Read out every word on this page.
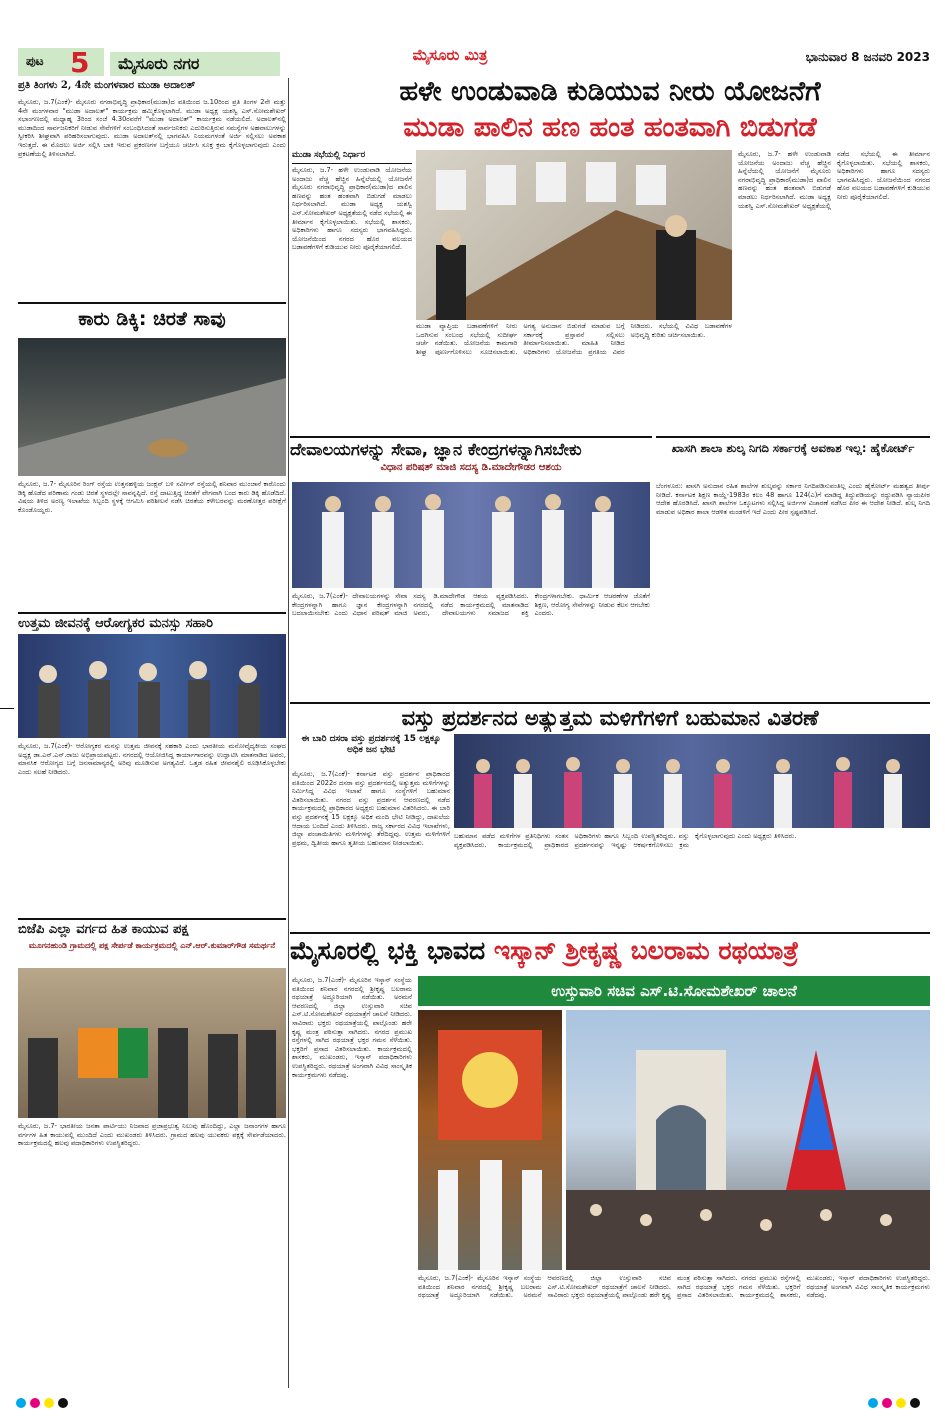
ಪುಟ 5	ಮೈಸೂರು ನಗರ	ಮೈಸೂರು ಮಿತ್ರ	ಭಾನುವಾರ 8 ಜನವರಿ 2023
ಪ್ರತಿ ತಿಂಗಳು 2, 4ನೇ ಮಂಗಳವಾರ ಮುಡಾ ಅದಾಲತ್
ಮೈಸೂರು, ಜ.7(ಎಂಕೆ)- ಮೈಸೂರು ನಗರಾಭಿವೃದ್ಧಿ ಪ್ರಾಧಿಕಾರ(ಮುಡಾ)ದ ವತಿಯಿಂದ ಜ.10ರಿಂದ ಪ್ರತಿ ತಿಂಗಳ 2ನೇ ಮತ್ತು 4ನೇ ಮಂಗಳವಾರ "ಮುಡಾ ಅದಾಲತ್" ಕಾರ್ಯಕ್ರಮ ಹಮ್ಮಿಕೊಳ್ಳಲಾಗಿದೆ. ಮುಡಾ ಅಧ್ಯಕ್ಷ ಯಶಸ್ವಿ ಎಸ್.ಸೋಮಶೇಖರ್ ಸಭಾಂಗಣದಲ್ಲಿ ಮಧ್ಯಾಹ್ನ 3ರಿಂದ ಸಂಜೆ 4.30ರವರೆಗೆ "ಮುಡಾ ಅದಾಲತ್" ಕಾರ್ಯಕ್ರಮ ನಡೆಯಲಿದೆ. ಅದಾಲತ್‌ನಲ್ಲಿ ಮುಡಾದಿಂದ ಸಾರ್ವಜನಿಕರಿಗೆ ನೀಡುವ ಸೇವೆಗಳಿಗೆ ಸಂಬಂಧಿಸಿದಂತೆ ಸಾರ್ವಜನಿಕರು ಎದುರಿಸುತ್ತಿರುವ ಸಮಸ್ಯೆಗಳ ಅಹವಾಲುಗಳನ್ನು ಸ್ವೀಕರಿಸಿ ಶೀಘ್ರವಾಗಿ ಪರಿಹರಿಸಲಾಗುವುದು. ಮುಡಾ ಅದಾಲತ್‌ನಲ್ಲಿ ಭಾಗವಹಿಸಿ ನಿಯಮಗಳಂತೆ ಅರ್ಜಿ ಸಲ್ಲಿಸಲು ಅವಕಾಶ ಇರುತ್ತದೆ. ಈ ಮೊದಲು ಅರ್ಜಿ ಸಲ್ಲಿಸಿ ಬಾಕಿ ಇರುವ ಪ್ರಕರಣಗಳ ಬಗ್ಗೆಯೂ ಚರ್ಚಿಸಿ ಸೂಕ್ತ ಕ್ರಮ ಕೈಗೊಳ್ಳಲಾಗುವುದು ಎಂದು ಪ್ರಕಟಣೆಯಲ್ಲಿ ತಿಳಿಸಲಾಗಿದೆ.
ಕಾರು ಡಿಕ್ಕಿ: ಚಿರತೆ ಸಾವು
ಮೈಸೂರು, ಜ.7- ಮೈಸೂರಿನ ರಿಂಗ್ ರಸ್ತೆಯ ಉತ್ತನಹಳ್ಳಿಯ ಜಂಕ್ಷನ್ ಬಳಿ ಸರ್ವೀಸ್ ರಸ್ತೆಯಲ್ಲಿ ಶನಿವಾರ ಮುಂಜಾನೆ ಕಾರೊಂದು ಡಿಕ್ಕಿ ಹೊಡೆದ ಪರಿಣಾಮ ಗಂಡು ಚಿರತೆ ಸ್ಥಳದಲ್ಲೇ ಸಾವನ್ನಪ್ಪಿದೆ. ರಸ್ತೆ ದಾಟುತ್ತಿದ್ದ ಚಿರತೆಗೆ ವೇಗವಾಗಿ ಬಂದ ಕಾರು ಡಿಕ್ಕಿ ಹೊಡೆದಿದೆ. ವಿಷಯ ತಿಳಿದ ಅರಣ್ಯ ಇಲಾಖೆಯ ಸಿಬ್ಬಂದಿ ಸ್ಥಳಕ್ಕೆ ಆಗಮಿಸಿ ಪರಿಶೀಲನೆ ನಡೆಸಿ ಚಿರತೆಯ ಕಳೇಬರವನ್ನು ಮರಣೋತ್ತರ ಪರೀಕ್ಷೆಗೆ ಕೊಂಡೊಯ್ದರು.
ಉತ್ತಮ ಜೀವನಕ್ಕೆ ಆರೋಗ್ಯಕರ ಮನಸ್ಸು ಸಹಾರಿ
ಮೈಸೂರು, ಜ.7(ಎಂಕೆ)- ಆರೋಗ್ಯಕರ ಮನಸ್ಸು ಉತ್ತಮ ಜೀವನಕ್ಕೆ ಸಹಕಾರಿ ಎಂದು ಭಾರತೀಯ ಮನೋವೈದ್ಯಕೀಯ ಸಂಘದ ಅಧ್ಯಕ್ಷ ಡಾ.ಎನ್.ಎನ್.ರಾಜು ಅಭಿಪ್ರಾಯಪಟ್ಟರು. ನಗರದಲ್ಲಿ ಆಯೋಜಿಸಿದ್ದ ಕಾರ್ಯಾಗಾರವನ್ನು ಉದ್ಘಾಟಿಸಿ ಮಾತನಾಡಿದ ಅವರು, ಮಾನಸಿಕ ಆರೋಗ್ಯದ ಬಗ್ಗೆ ಜನಸಾಮಾನ್ಯರಲ್ಲಿ ಅರಿವು ಮೂಡಿಸುವ ಅಗತ್ಯವಿದೆ. ಒತ್ತಡ ರಹಿತ ಜೀವನಶೈಲಿ ರೂಢಿಸಿಕೊಳ್ಳಬೇಕು ಎಂದು ಸಲಹೆ ನೀಡಿದರು.
ಬಿಜೆಪಿ ಎಲ್ಲಾ ವರ್ಗದ ಹಿತ ಕಾಯುವ ಪಕ್ಷ
ಮೂಗನಹುಂಡಿ ಗ್ರಾಮದಲ್ಲಿ ಪಕ್ಷ ಸೇರ್ಪಡೆ ಕಾರ್ಯಕ್ರಮದಲ್ಲಿ ಎನ್.ಆರ್.ಕುಮಾರ್‌ಗೌಡ ಸಮರ್ಥನೆ
ಮೈಸೂರು, ಜ.7- ಭಾರತೀಯ ಜನತಾ ಪಾರ್ಟಿಯು ನಿಜವಾದ ಪ್ರಜಾಪ್ರಭುತ್ವ ನಿಲುವು ಹೊಂದಿದ್ದು, ಎಲ್ಲಾ ಜನಾಂಗಗಳ ಹಾಗೂ ವರ್ಗಗಳ ಹಿತ ಕಾಯುವಲ್ಲಿ ಮುಂದಿದೆ ಎಂದು ಮುಖಂಡರು ತಿಳಿಸಿದರು. ಗ್ರಾಮದ ಹಲವು ಯುವಕರು ಪಕ್ಷಕ್ಕೆ ಸೇರ್ಪಡೆಯಾದರು. ಕಾರ್ಯಕ್ರಮದಲ್ಲಿ ಹಲವು ಪದಾಧಿಕಾರಿಗಳು ಉಪಸ್ಥಿತರಿದ್ದರು.
ಹಳೇ ಉಂಡುವಾಡಿ ಕುಡಿಯುವ ನೀರು ಯೋಜನೆಗೆ
ಮುಡಾ ಪಾಲಿನ ಹಣ ಹಂತ ಹಂತವಾಗಿ ಬಿಡುಗಡೆ
ಮುಡಾ ಸಭೆಯಲ್ಲಿ ನಿರ್ಧಾರ
ಮೈಸೂರು, ಜ.7- ಹಳೇ ಉಂಡುವಾಡಿ ಯೋಜನೆಯ ಅಂದಾಜು ವೆಚ್ಚ ಹೆಚ್ಚಿನ ಹಿನ್ನೆಲೆಯಲ್ಲಿ ಯೋಜನೆಗೆ ಮೈಸೂರು ನಗರಾಭಿವೃದ್ಧಿ ಪ್ರಾಧಿಕಾರ(ಮುಡಾ)ದ ಪಾಲಿನ ಹಣವನ್ನು ಹಂತ ಹಂತವಾಗಿ ಬಿಡುಗಡೆ ಮಾಡಲು ನಿರ್ಧರಿಸಲಾಗಿದೆ. ಮುಡಾ ಅಧ್ಯಕ್ಷ ಯಶಸ್ವಿ ಎಸ್.ಸೋಮಶೇಖರ್ ಅಧ್ಯಕ್ಷತೆಯಲ್ಲಿ ನಡೆದ ಸಭೆಯಲ್ಲಿ ಈ ತೀರ್ಮಾನ ಕೈಗೊಳ್ಳಲಾಯಿತು. ಸಭೆಯಲ್ಲಿ ಶಾಸಕರು, ಅಧಿಕಾರಿಗಳು ಹಾಗೂ ಸದಸ್ಯರು ಭಾಗವಹಿಸಿದ್ದರು. ಯೋಜನೆಯಿಂದ ನಗರದ ಹೊರ ವಲಯದ ಬಡಾವಣೆಗಳಿಗೆ ಕುಡಿಯುವ ನೀರು ಪೂರೈಕೆಯಾಗಲಿದೆ.
ಮುಡಾ ವ್ಯಾಪ್ತಿಯ ಬಡಾವಣೆಗಳಿಗೆ ನೀರು ಒದಗಿಸುವ ಸಂಬಂಧ ಸಭೆಯಲ್ಲಿ ಸುದೀರ್ಘ ಚರ್ಚೆ ನಡೆಯಿತು. ಯೋಜನೆಯ ಕಾಮಗಾರಿ ಶೀಘ್ರ ಪೂರ್ಣಗೊಳಿಸಲು ಸೂಚಿಸಲಾಯಿತು. ಅಗತ್ಯ ಅನುದಾನ ಬಿಡುಗಡೆ ಮಾಡುವ ಬಗ್ಗೆ ಸರ್ಕಾರಕ್ಕೆ ಪ್ರಸ್ತಾವನೆ ಸಲ್ಲಿಸಲು ತೀರ್ಮಾನಿಸಲಾಯಿತು. ಮಾಹಿತಿ ನೀಡಿದ ಅಧಿಕಾರಿಗಳು ಯೋಜನೆಯ ಪ್ರಗತಿಯ ವಿವರ ನೀಡಿದರು. ಸಭೆಯಲ್ಲಿ ವಿವಿಧ ಬಡಾವಣೆಗಳ ಅಭಿವೃದ್ಧಿ ಕುರಿತು ಚರ್ಚಿಸಲಾಯಿತು.
ಮೈಸೂರು, ಜ.7- ಹಳೇ ಉಂಡುವಾಡಿ ಯೋಜನೆಯ ಅಂದಾಜು ವೆಚ್ಚ ಹೆಚ್ಚಿನ ಹಿನ್ನೆಲೆಯಲ್ಲಿ ಯೋಜನೆಗೆ ಮೈಸೂರು ನಗರಾಭಿವೃದ್ಧಿ ಪ್ರಾಧಿಕಾರ(ಮುಡಾ)ದ ಪಾಲಿನ ಹಣವನ್ನು ಹಂತ ಹಂತವಾಗಿ ಬಿಡುಗಡೆ ಮಾಡಲು ನಿರ್ಧರಿಸಲಾಗಿದೆ. ಮುಡಾ ಅಧ್ಯಕ್ಷ ಯಶಸ್ವಿ ಎಸ್.ಸೋಮಶೇಖರ್ ಅಧ್ಯಕ್ಷತೆಯಲ್ಲಿ ನಡೆದ ಸಭೆಯಲ್ಲಿ ಈ ತೀರ್ಮಾನ ಕೈಗೊಳ್ಳಲಾಯಿತು. ಸಭೆಯಲ್ಲಿ ಶಾಸಕರು, ಅಧಿಕಾರಿಗಳು ಹಾಗೂ ಸದಸ್ಯರು ಭಾಗವಹಿಸಿದ್ದರು. ಯೋಜನೆಯಿಂದ ನಗರದ ಹೊರ ವಲಯದ ಬಡಾವಣೆಗಳಿಗೆ ಕುಡಿಯುವ ನೀರು ಪೂರೈಕೆಯಾಗಲಿದೆ.
ದೇವಾಲಯಗಳನ್ನು ಸೇವಾ, ಜ್ಞಾನ ಕೇಂದ್ರಗಳನ್ನಾಗಿಸಬೇಕು
ವಿಧಾನ ಪರಿಷತ್ ಮಾಜಿ ಸದಸ್ಯ ಡಿ.ಮಾದೇಗೌಡರ ಆಶಯ
ಮೈಸೂರು, ಜ.7(ಎಂಕೆ)- ದೇವಾಲಯಗಳನ್ನು ಸೇವಾ ಕೇಂದ್ರಗಳನ್ನಾಗಿ ಹಾಗೂ ಜ್ಞಾನ ಕೇಂದ್ರಗಳನ್ನಾಗಿ ಬದಲಾಯಿಸಬೇಕು ಎಂದು ವಿಧಾನ ಪರಿಷತ್ ಮಾಜಿ ಸದಸ್ಯ ಡಿ.ಮಾದೇಗೌಡ ಆಶಯ ವ್ಯಕ್ತಪಡಿಸಿದರು. ನಗರದಲ್ಲಿ ನಡೆದ ಕಾರ್ಯಕ್ರಮದಲ್ಲಿ ಮಾತನಾಡಿದ ಅವರು, ದೇವಾಲಯಗಳು ಸಮಾಜದ ಶಕ್ತಿ ಕೇಂದ್ರಗಳಾಗಬೇಕು. ಧಾರ್ಮಿಕ ಆಚರಣೆಗಳ ಜೊತೆಗೆ ಶಿಕ್ಷಣ, ಆರೋಗ್ಯ ಸೇವೆಗಳನ್ನು ನೀಡುವ ಕೆಲಸ ಆಗಬೇಕು ಎಂದರು.
ಖಾಸಗಿ ಶಾಲಾ ಶುಲ್ಕ ನಿಗದಿ ಸರ್ಕಾರಕ್ಕೆ ಅವಕಾಶ ಇಲ್ಲ: ಹೈಕೋರ್ಟ್
ಬೆಂಗಳೂರು: ಖಾಸಗಿ ಅನುದಾನ ರಹಿತ ಶಾಲೆಗಳ ಶುಲ್ಕವನ್ನು ಸರ್ಕಾರ ನಿಗದಿಪಡಿಸುವಂತಿಲ್ಲ ಎಂದು ಹೈಕೋರ್ಟ್ ಮಹತ್ವದ ತೀರ್ಪು ನೀಡಿದೆ. ಕರ್ನಾಟಕ ಶಿಕ್ಷಣ ಕಾಯ್ದೆ-1983ರ ಕಲಂ 48 ಹಾಗೂ 124(ಎ)ಗೆ ಮಾಡಿದ್ದ ತಿದ್ದುಪಡಿಯನ್ನು ರದ್ದುಪಡಿಸಿ ನ್ಯಾಯಪೀಠ ಆದೇಶ ಹೊರಡಿಸಿದೆ. ಖಾಸಗಿ ಶಾಲೆಗಳ ಒಕ್ಕೂಟಗಳು ಸಲ್ಲಿಸಿದ್ದ ಅರ್ಜಿಗಳ ವಿಚಾರಣೆ ನಡೆಸಿದ ಪೀಠ ಈ ಆದೇಶ ನೀಡಿದೆ. ಶುಲ್ಕ ನಿಗದಿ ಮಾಡುವ ಅಧಿಕಾರ ಶಾಲಾ ಆಡಳಿತ ಮಂಡಳಿಗೆ ಇದೆ ಎಂದು ಪೀಠ ಸ್ಪಷ್ಟಪಡಿಸಿದೆ.
ವಸ್ತು ಪ್ರದರ್ಶನದ ಅತ್ಯುತ್ತಮ ಮಳಿಗೆಗಳಿಗೆ ಬಹುಮಾನ ವಿತರಣೆ
ಈ ಬಾರಿ ದಸರಾ ವಸ್ತು ಪ್ರದರ್ಶನಕ್ಕೆ 15 ಲಕ್ಷಕ್ಕೂ ಅಧಿಕ ಜನ ಭೇಟಿ
ಮೈಸೂರು, ಜ.7(ಎಂಕೆ)- ಕರ್ನಾಟಕ ವಸ್ತು ಪ್ರದರ್ಶನ ಪ್ರಾಧಿಕಾರದ ವತಿಯಿಂದ 2022ರ ದಸರಾ ವಸ್ತು ಪ್ರದರ್ಶನದಲ್ಲಿ ಅತ್ಯುತ್ತಮ ಮಳಿಗೆಗಳನ್ನು ನಿರ್ಮಿಸಿದ್ದ ವಿವಿಧ ಇಲಾಖೆ ಹಾಗೂ ಸಂಸ್ಥೆಗಳಿಗೆ ಬಹುಮಾನ ವಿತರಿಸಲಾಯಿತು. ನಗರದ ವಸ್ತು ಪ್ರದರ್ಶನ ಆವರಣದಲ್ಲಿ ನಡೆದ ಕಾರ್ಯಕ್ರಮದಲ್ಲಿ ಪ್ರಾಧಿಕಾರದ ಅಧ್ಯಕ್ಷರು ಬಹುಮಾನ ವಿತರಿಸಿದರು. ಈ ಬಾರಿ ವಸ್ತು ಪ್ರದರ್ಶನಕ್ಕೆ 15 ಲಕ್ಷಕ್ಕೂ ಅಧಿಕ ಮಂದಿ ಭೇಟಿ ನೀಡಿದ್ದು, ದಾಖಲೆಯ ಆದಾಯ ಬಂದಿದೆ ಎಂದು ತಿಳಿಸಿದರು. ರಾಜ್ಯ ಸರ್ಕಾರದ ವಿವಿಧ ಇಲಾಖೆಗಳು, ಜಿಲ್ಲಾ ಪಂಚಾಯಿತಿಗಳು ಮಳಿಗೆಗಳನ್ನು ತೆರೆದಿದ್ದವು. ಉತ್ತಮ ಮಳಿಗೆಗಳಿಗೆ ಪ್ರಥಮ, ದ್ವಿತೀಯ ಹಾಗೂ ತೃತೀಯ ಬಹುಮಾನ ನೀಡಲಾಯಿತು.
ಬಹುಮಾನ ಪಡೆದ ಮಳಿಗೆಗಳ ಪ್ರತಿನಿಧಿಗಳು ಸಂತಸ ವ್ಯಕ್ತಪಡಿಸಿದರು. ಕಾರ್ಯಕ್ರಮದಲ್ಲಿ ಪ್ರಾಧಿಕಾರದ ಅಧಿಕಾರಿಗಳು ಹಾಗೂ ಸಿಬ್ಬಂದಿ ಉಪಸ್ಥಿತರಿದ್ದರು. ವಸ್ತು ಪ್ರದರ್ಶನವನ್ನು ಇನ್ನಷ್ಟು ಆಕರ್ಷಕಗೊಳಿಸಲು ಕ್ರಮ ಕೈಗೊಳ್ಳಲಾಗುವುದು ಎಂದು ಅಧ್ಯಕ್ಷರು ತಿಳಿಸಿದರು.
ಮೈಸೂರಲ್ಲಿ ಭಕ್ತಿ ಭಾವದ ಇಸ್ಕಾನ್ ಶ್ರೀಕೃಷ್ಣ ಬಲರಾಮ ರಥಯಾತ್ರೆ
ಮೈಸೂರು, ಜ.7(ಎಂಕೆ)- ಮೈಸೂರಿನ ಇಸ್ಕಾನ್ ಸಂಸ್ಥೆಯ ವತಿಯಿಂದ ಶನಿವಾರ ನಗರದಲ್ಲಿ ಶ್ರೀಕೃಷ್ಣ ಬಲರಾಮ ರಥಯಾತ್ರೆ ಅದ್ದೂರಿಯಾಗಿ ನಡೆಯಿತು. ಅರಮನೆ ಆವರಣದಲ್ಲಿ ಜಿಲ್ಲಾ ಉಸ್ತುವಾರಿ ಸಚಿವ ಎಸ್.ಟಿ.ಸೋಮಶೇಖರ್ ರಥಯಾತ್ರೆಗೆ ಚಾಲನೆ ನೀಡಿದರು. ಸಾವಿರಾರು ಭಕ್ತರು ರಥಯಾತ್ರೆಯಲ್ಲಿ ಪಾಲ್ಗೊಂಡು ಹರೇ ಕೃಷ್ಣ ಮಂತ್ರ ಪಠಿಸುತ್ತಾ ಸಾಗಿದರು. ನಗರದ ಪ್ರಮುಖ ರಸ್ತೆಗಳಲ್ಲಿ ಸಾಗಿದ ರಥಯಾತ್ರೆ ಭಕ್ತರ ಗಮನ ಸೆಳೆಯಿತು. ಭಕ್ತರಿಗೆ ಪ್ರಸಾದ ವಿತರಿಸಲಾಯಿತು. ಕಾರ್ಯಕ್ರಮದಲ್ಲಿ ಶಾಸಕರು, ಮುಖಂಡರು, ಇಸ್ಕಾನ್ ಪದಾಧಿಕಾರಿಗಳು ಉಪಸ್ಥಿತರಿದ್ದರು. ರಥಯಾತ್ರೆ ಅಂಗವಾಗಿ ವಿವಿಧ ಸಾಂಸ್ಕೃತಿಕ ಕಾರ್ಯಕ್ರಮಗಳು ನಡೆದವು.
ಉಸ್ತುವಾರಿ ಸಚಿವ ಎಸ್.ಟಿ.ಸೋಮಶೇಖರ್ ಚಾಲನೆ
ಮೈಸೂರು, ಜ.7(ಎಂಕೆ)- ಮೈಸೂರಿನ ಇಸ್ಕಾನ್ ಸಂಸ್ಥೆಯ ವತಿಯಿಂದ ಶನಿವಾರ ನಗರದಲ್ಲಿ ಶ್ರೀಕೃಷ್ಣ ಬಲರಾಮ ರಥಯಾತ್ರೆ ಅದ್ದೂರಿಯಾಗಿ ನಡೆಯಿತು. ಅರಮನೆ ಆವರಣದಲ್ಲಿ ಜಿಲ್ಲಾ ಉಸ್ತುವಾರಿ ಸಚಿವ ಎಸ್.ಟಿ.ಸೋಮಶೇಖರ್ ರಥಯಾತ್ರೆಗೆ ಚಾಲನೆ ನೀಡಿದರು. ಸಾವಿರಾರು ಭಕ್ತರು ರಥಯಾತ್ರೆಯಲ್ಲಿ ಪಾಲ್ಗೊಂಡು ಹರೇ ಕೃಷ್ಣ ಮಂತ್ರ ಪಠಿಸುತ್ತಾ ಸಾಗಿದರು. ನಗರದ ಪ್ರಮುಖ ರಸ್ತೆಗಳಲ್ಲಿ ಸಾಗಿದ ರಥಯಾತ್ರೆ ಭಕ್ತರ ಗಮನ ಸೆಳೆಯಿತು. ಭಕ್ತರಿಗೆ ಪ್ರಸಾದ ವಿತರಿಸಲಾಯಿತು. ಕಾರ್ಯಕ್ರಮದಲ್ಲಿ ಶಾಸಕರು, ಮುಖಂಡರು, ಇಸ್ಕಾನ್ ಪದಾಧಿಕಾರಿಗಳು ಉಪಸ್ಥಿತರಿದ್ದರು. ರಥಯಾತ್ರೆ ಅಂಗವಾಗಿ ವಿವಿಧ ಸಾಂಸ್ಕೃತಿಕ ಕಾರ್ಯಕ್ರಮಗಳು ನಡೆದವು.
